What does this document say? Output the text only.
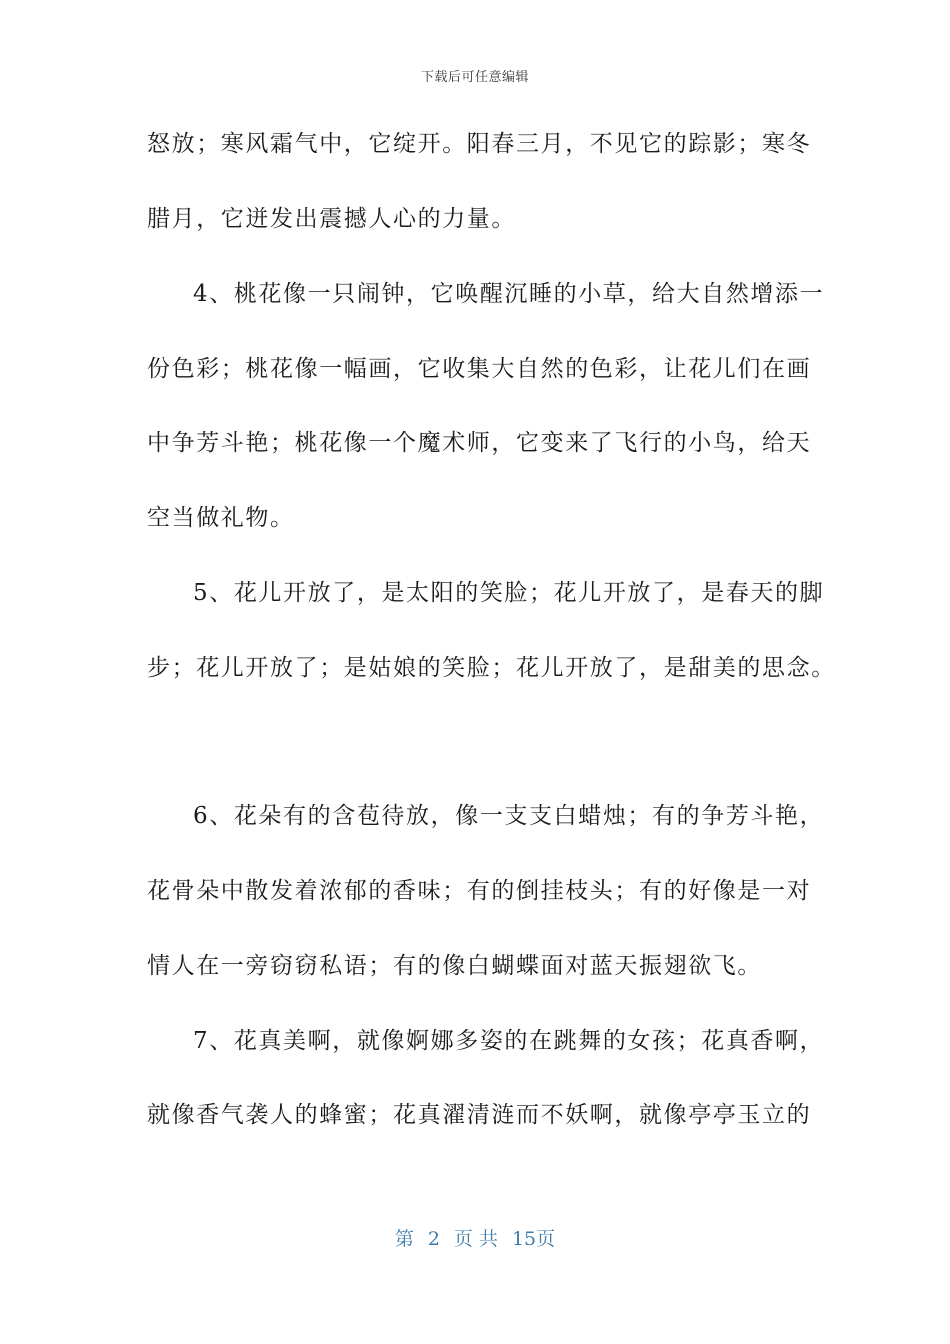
下载后可任意编辑
怒放；寒风霜气中，它绽开。阳春三月，不见它的踪影；寒冬
腊月，它迸发出震撼人心的力量。
4、桃花像一只闹钟，它唤醒沉睡的小草，给大自然增添一
份色彩；桃花像一幅画，它收集大自然的色彩，让花儿们在画
中争芳斗艳；桃花像一个魔术师，它变来了飞行的小鸟，给天
空当做礼物。
5、花儿开放了，是太阳的笑脸；花儿开放了，是春天的脚
步；花儿开放了；是姑娘的笑脸；花儿开放了，是甜美的思念。
6、花朵有的含苞待放，像一支支白蜡烛；有的争芳斗艳，
花骨朵中散发着浓郁的香味；有的倒挂枝头；有的好像是一对
情人在一旁窃窃私语；有的像白蝴蝶面对蓝天振翅欲飞。
7、花真美啊，就像婀娜多姿的在跳舞的女孩；花真香啊，
就像香气袭人的蜂蜜；花真濯清涟而不妖啊，就像亭亭玉立的
第 2 页 共 15页
